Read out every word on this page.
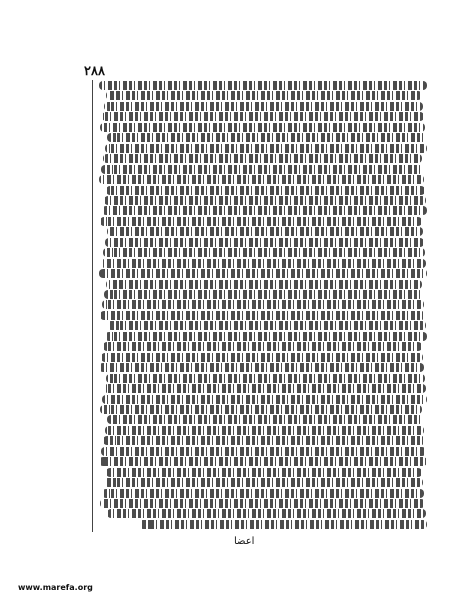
٢٨٨
اعضا
www.marefa.org
